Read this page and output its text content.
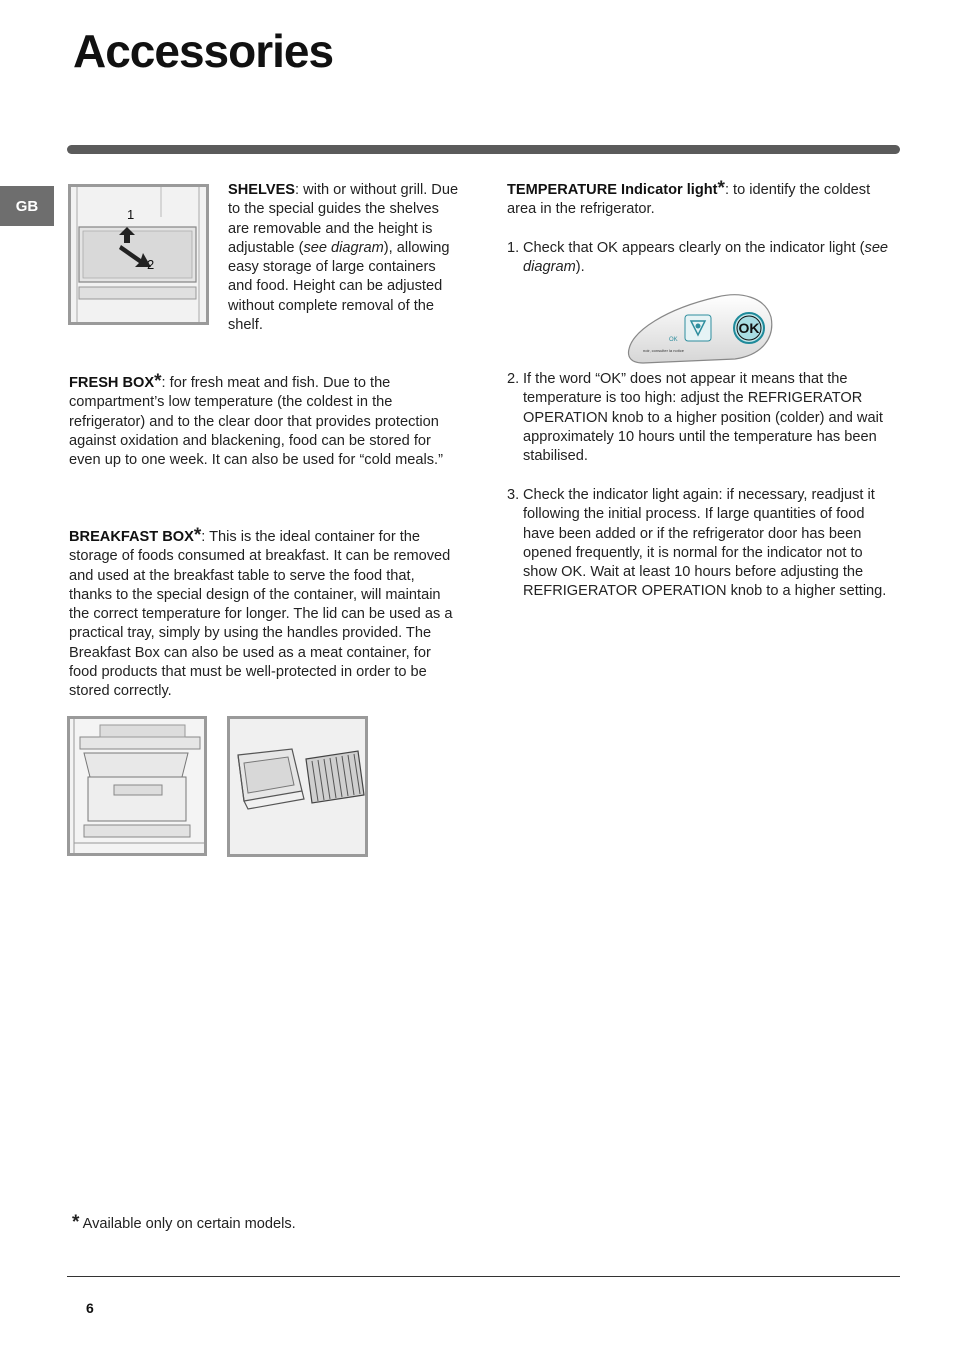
Accessories
GB	1
2
SHELVES: with or without grill. Due to the special guides the shelves are removable and the height is adjustable (see diagram), allowing easy storage of large containers and food. Height can be adjusted without complete removal of the shelf.
FRESH BOX*: for fresh meat and fish. Due to the compartment’s low temperature (the coldest in the refrigerator) and to the clear door that provides protection against oxidation and blackening, food can be stored for even up to one week. It can also be used for “cold meals.”
BREAKFAST BOX*: This is the ideal container for the storage of foods consumed at breakfast. It can be removed and used at the breakfast table to serve the food that, thanks to the special design of the container, will maintain the correct temperature for longer. The lid can be used as a practical tray, simply by using the handles provided. The Breakfast Box can also be used as a meat container, for food products that must be well-protected in order to be stored correctly.
TEMPERATURE Indicator light*: to identify the coldest area in the refrigerator.
1. Check that OK appears clearly on the indicator light (see diagram).
OK
OK
noir, consulter la notice
2. If the word “OK” does not appear it means that the temperature is too high: adjust the REFRIGERATOR OPERATION knob to a higher position (colder) and wait approximately 10 hours until the temperature has been stabilised.
3. Check the indicator light again: if necessary, readjust it following the initial process. If large quantities of food have been added or if the refrigerator door has been opened frequently, it is normal for the indicator not to show OK. Wait at least 10 hours before adjusting the REFRIGERATOR OPERATION knob to a higher setting.
* Available only on certain models.
6
